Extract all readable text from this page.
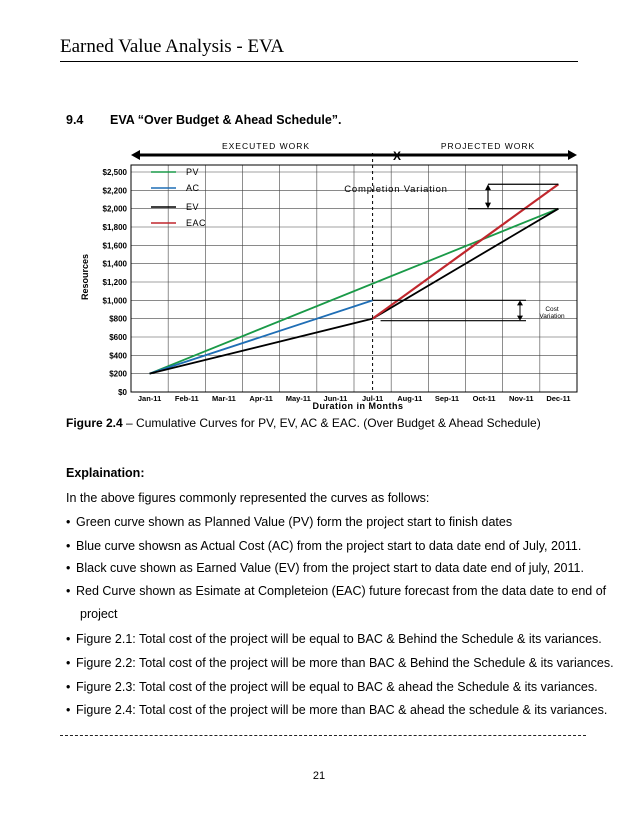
Earned Value Analysis - EVA
9.4 EVA “Over Budget & Ahead Schedule”.
EXECUTED WORK	PROJECTED WORK
X
Completion Variation
Cost
Variation
Resources
Duration in Months
PV
AC
EV
EAC
$0
$200
$400
$600
$800
$1,000
$1,200
$1,400
$1,600
$1,800
$2,000
$2,200
$2,500
Jan-11 Feb-11 Mar-11 Apr-11 May-11 Jun-11 Jul-11 Aug-11 Sep-11 Oct-11 Nov-11 Dec-11
Figure 2.4 – Cumulative Curves for PV, EV, AC & EAC. (Over Budget & Ahead Schedule)
Explaination:
In the above figures commonly represented the curves as follows:
• Green curve shown as Planned Value (PV) form the project start to finish dates
• Blue curve showsn as Actual Cost (AC) from the project start to data date end of July, 2011.
• Black cuve shown as Earned Value (EV) from the project start to data date end of july, 2011.
• Red Curve shown as Esimate at Completeion (EAC) future forecast from the data date to end of
project
• Figure 2.1: Total cost of the project will be equal to BAC & Behind the Schedule & its variances.
• Figure 2.2: Total cost of the project will be more than BAC & Behind the Schedule & its variances.
• Figure 2.3: Total cost of the project will be equal to BAC & ahead the Schedule & its variances.
• Figure 2.4: Total cost of the project will be more than BAC & ahead the schedule & its variances.
21
